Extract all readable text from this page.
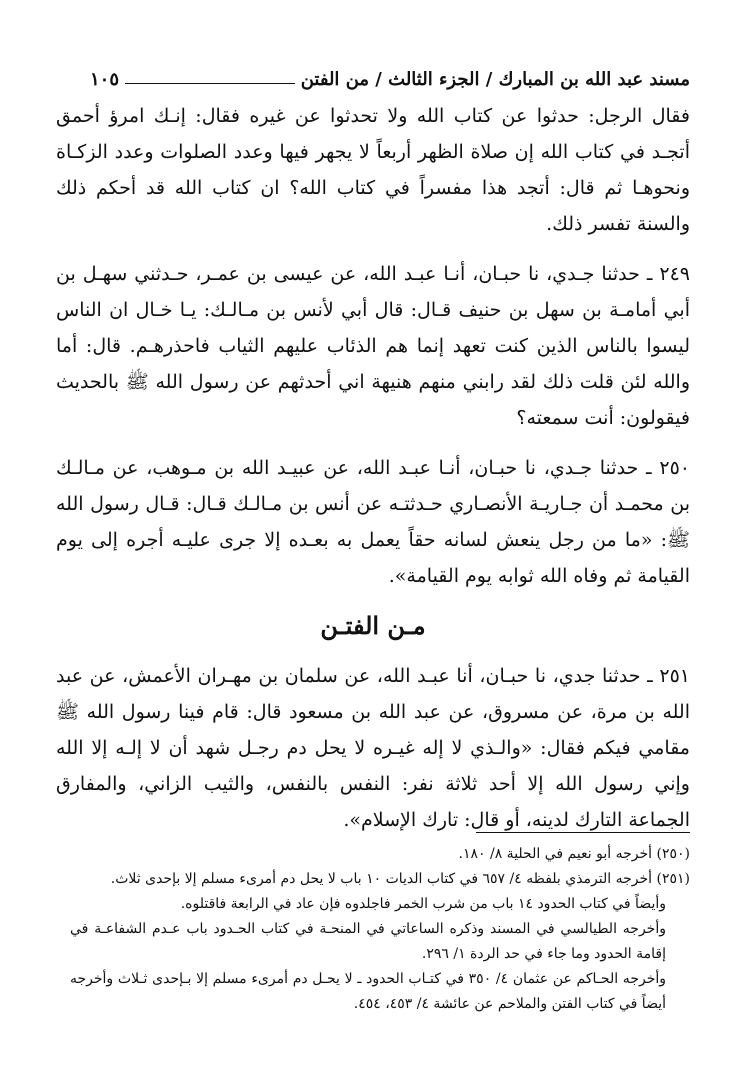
مسند عبد الله بن المبارك / الجزء الثالث / من الفتن
١٠٥

فقال الرجل: حدثوا عن كتاب الله ولا تحدثوا عن غيره فقال: إنـك امرؤ أحمق أتجـد في كتاب الله إن صلاة الظهر أربعاً لا يجهر فيها وعدد الصلوات وعدد الزكـاة ونحوهـا ثم قال: أتجد هذا مفسراً في كتاب الله؟ ان كتاب الله قد أحكم ذلك والسنة تفسر ذلك.

٢٤٩ ـ حدثنا جـدي، نا حبـان، أنـا عبـد الله، عن عيسى بن عمـر، حـدثني سهـل بن أبي أمامـة بن سهل بن حنيف قـال: قال أبي لأنس بن مـالـك: يـا خـال ان الناس ليسوا بالناس الذين كنت تعهد إنما هم الذئاب عليهم الثياب فاحذرهـم. قال: أما والله لئن قلت ذلك لقد رابني منهم هنيهة اني أحدثهم عن رسول الله ﷺ بالحديث فيقولون: أنت سمعته؟

٢٥٠ ـ حدثنا جـدي، نا حبـان، أنـا عبـد الله، عن عبيـد الله بن مـوهب، عن مـالـك بن محمـد أن جـاريـة الأنصـاري حـدثتـه عن أنس بن مـالـك قـال: قـال رسول الله ﷺ: «ما من رجل ينعش لسانه حقاً يعمل به بعـده إلا جرى عليـه أجره إلى يوم القيامة ثم وفاه الله ثوابه يوم القيامة».

مـن الفتـن

٢٥١ ـ حدثنا جدي، نا حبـان، أنا عبـد الله، عن سلمان بن مهـران الأعمش، عن عبد الله بن مرة، عن مسروق، عن عبد الله بن مسعود قال: قام فينا رسول الله ﷺ مقامي فيكم فقال: «والـذي لا إله غيـره لا يحل دم رجـل شهد أن لا إلـه إلا الله وإني رسول الله إلا أحد ثلاثة نفر: النفس بالنفس، والثيب الزاني، والمفارق الجماعة التارك لدينه، أو قال: تارك الإسلام».

(٢٥٠) أخرجه أبو نعيم في الحلية ٨/ ١٨٠.
(٢٥١) أخرجه الترمذي بلفظه ٤/ ٦٥٧ في كتاب الديات ١٠ باب لا يحل دم أمرىء مسلم إلا بإحدى ثلاث.
وأيضاً في كتاب الحدود ١٤ باب من شرب الخمر فاجلدوه فإن عاد في الرابعة فاقتلوه.
وأخرجه الطيالسي في المسند وذكره الساعاتي في المنحـة في كتاب الحـدود باب عـدم الشفاعـة في إقامة الحدود وما جاء في حد الردة ١/ ٢٩٦.
وأخرجه الحـاكم عن عثمان ٤/ ٣٥٠ في كتـاب الحدود ـ لا يحـل دم أمرىء مسلم إلا بـإحدى ثـلاث وأخرجه أيضاً في كتاب الفتن والملاحم عن عائشة ٤/ ٤٥٣، ٤٥٤.
